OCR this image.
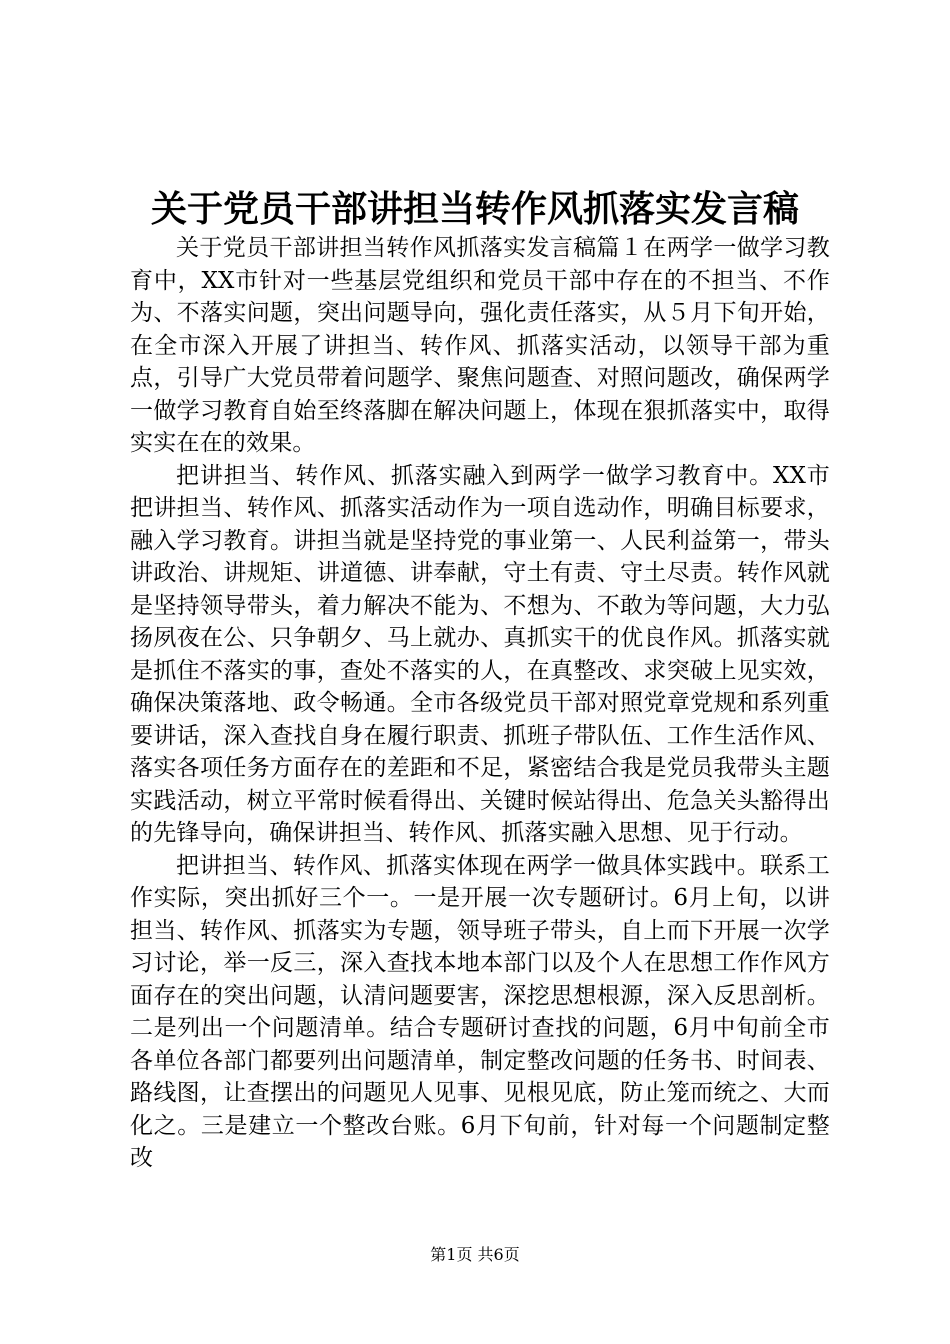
关于党员干部讲担当转作风抓落实发言稿

关于党员干部讲担当转作风抓落实发言稿篇１在两学一做学习教育中，XX市针对一些基层党组织和党员干部中存在的不担当、不作为、不落实问题，突出问题导向，强化责任落实，从５月下旬开始，在全市深入开展了讲担当、转作风、抓落实活动，以领导干部为重点，引导广大党员带着问题学、聚焦问题查、对照问题改，确保两学一做学习教育自始至终落脚在解决问题上，体现在狠抓落实中，取得实实在在的效果。

把讲担当、转作风、抓落实融入到两学一做学习教育中。XX市把讲担当、转作风、抓落实活动作为一项自选动作，明确目标要求，融入学习教育。讲担当就是坚持党的事业第一、人民利益第一，带头讲政治、讲规矩、讲道德、讲奉献，守土有责、守土尽责。转作风就是坚持领导带头，着力解决不能为、不想为、不敢为等问题，大力弘扬夙夜在公、只争朝夕、马上就办、真抓实干的优良作风。抓落实就是抓住不落实的事，查处不落实的人，在真整改、求突破上见实效，确保决策落地、政令畅通。全市各级党员干部对照党章党规和系列重要讲话，深入查找自身在履行职责、抓班子带队伍、工作生活作风、落实各项任务方面存在的差距和不足，紧密结合我是党员我带头主题实践活动，树立平常时候看得出、关键时候站得出、危急关头豁得出的先锋导向，确保讲担当、转作风、抓落实融入思想、见于行动。

把讲担当、转作风、抓落实体现在两学一做具体实践中。联系工作实际，突出抓好三个一。一是开展一次专题研讨。6月上旬，以讲担当、转作风、抓落实为专题，领导班子带头，自上而下开展一次学习讨论，举一反三，深入查找本地本部门以及个人在思想工作作风方面存在的突出问题，认清问题要害，深挖思想根源，深入反思剖析。二是列出一个问题清单。结合专题研讨查找的问题，6月中旬前全市各单位各部门都要列出问题清单，制定整改问题的任务书、时间表、路线图，让查摆出的问题见人见事、见根见底，防止笼而统之、大而化之。三是建立一个整改台账。6月下旬前，针对每一个问题制定整改

第1页 共6页
